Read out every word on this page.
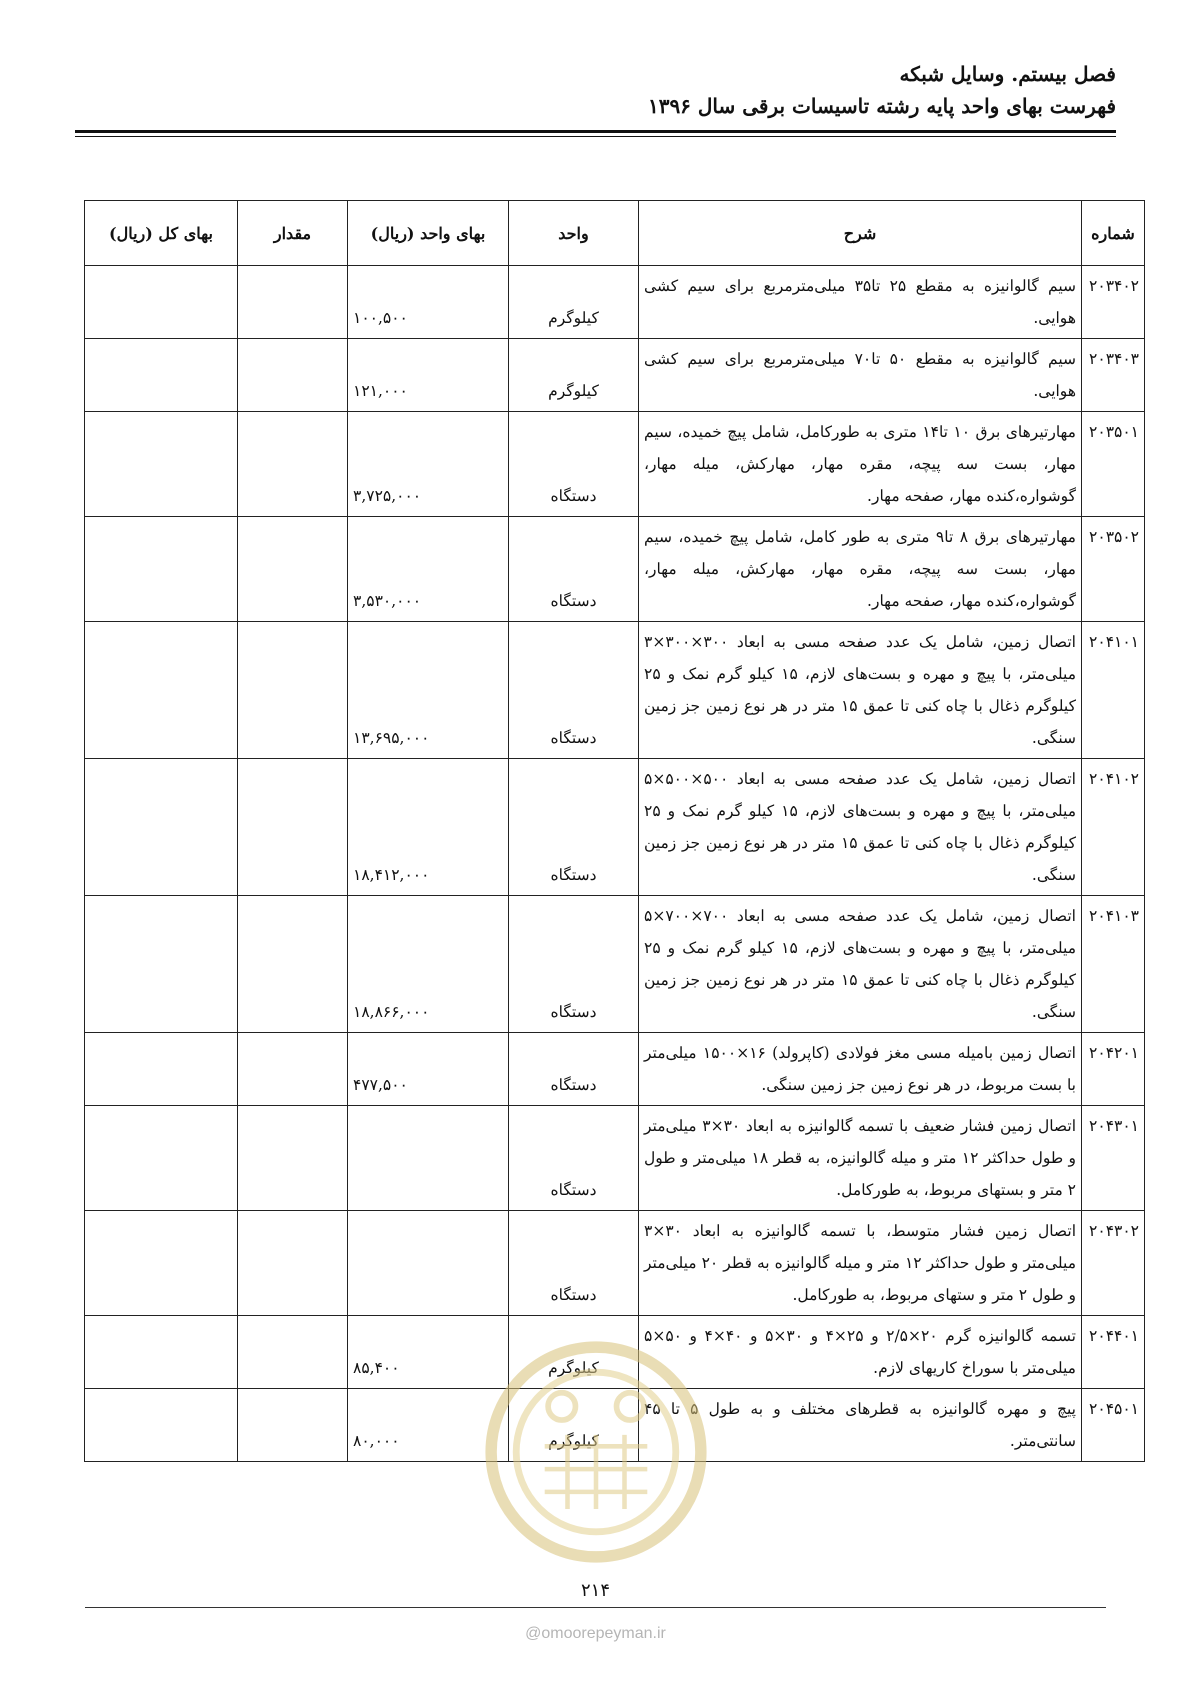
فصل بیستم. وسایل شبکه
فهرست بهای واحد پایه رشته تاسیسات برقی سال ۱۳۹۶
شماره	شرح	واحد	بهای واحد (ریال)	مقدار	بهای کل (ریال)
۲۰۳۴۰۲	سیم گالوانیزه به مقطع ۲۵ تا۳۵ میلی‌مترمربع برای سیم کشی هوایی.	کیلوگرم	۱۰۰,۵۰۰		
۲۰۳۴۰۳	سیم گالوانیزه به مقطع ۵۰ تا۷۰ میلی‌مترمربع برای سیم کشی هوایی.	کیلوگرم	۱۲۱,۰۰۰		
۲۰۳۵۰۱	مهارتیرهای برق ۱۰ تا۱۴ متری به طورکامل، شامل پیچ خمیده، سیم مهار، بست سه پیچه، مقره مهار، مهارکش، میله مهار، گوشواره،کنده مهار، صفحه مهار.	دستگاه	۳,۷۲۵,۰۰۰		
۲۰۳۵۰۲	مهارتیرهای برق ۸ تا۹ متری به طور کامل، شامل پیچ خمیده، سیم مهار، بست سه پیچه، مقره مهار، مهارکش، میله مهار، گوشواره،کنده مهار، صفحه مهار.	دستگاه	۳,۵۳۰,۰۰۰		
۲۰۴۱۰۱	اتصال زمین، شامل یک عدد صفحه مسی به ابعاد ۳۰۰×۳۰۰×۳ میلی‌متر، با پیچ و مهره و بست‌های لازم، ۱۵ کیلو گرم نمک و ۲۵ کیلوگرم ذغال با چاه کنی تا عمق ۱۵ متر در هر نوع زمین جز زمین سنگی.	دستگاه	۱۳,۶۹۵,۰۰۰		
۲۰۴۱۰۲	اتصال زمین، شامل یک عدد صفحه مسی به ابعاد ۵۰۰×۵۰۰×۵ میلی‌متر، با پیچ و مهره و بست‌های لازم، ۱۵ کیلو گرم نمک و ۲۵ کیلوگرم ذغال با چاه کنی تا عمق ۱۵ متر در هر نوع زمین جز زمین سنگی.	دستگاه	۱۸,۴۱۲,۰۰۰		
۲۰۴۱۰۳	اتصال زمین، شامل یک عدد صفحه مسی به ابعاد ۷۰۰×۷۰۰×۵ میلی‌متر، با پیچ و مهره و بست‌های لازم، ۱۵ کیلو گرم نمک و ۲۵ کیلوگرم ذغال با چاه کنی تا عمق ۱۵ متر در هر نوع زمین جز زمین سنگی.	دستگاه	۱۸,۸۶۶,۰۰۰		
۲۰۴۲۰۱	اتصال زمین بامیله مسی مغز فولادی (کاپرولد) ۱۶×۱۵۰۰ میلی‌متر با بست مربوط، در هر نوع زمین جز زمین سنگی.	دستگاه	۴۷۷,۵۰۰		
۲۰۴۳۰۱	اتصال زمین فشار ضعیف با تسمه گالوانیزه به ابعاد ۳۰×۳ میلی‌متر و طول حداکثر ۱۲ متر و میله گالوانیزه، به قطر ۱۸ میلی‌متر و طول ۲ متر و بستهای مربوط، به طورکامل.	دستگاه			
۲۰۴۳۰۲	اتصال زمین فشار متوسط، با تسمه گالوانیزه به ابعاد ۳۰×۳ میلی‌متر و طول حداکثر ۱۲ متر و میله گالوانیزه به قطر ۲۰ میلی‌متر و طول ۲ متر و ستهای مربوط، به طورکامل.	دستگاه			
۲۰۴۴۰۱	تسمه گالوانیزه گرم ۲۰×۲/۵ و ۲۵×۴ و ۳۰×۵ و ۴۰×۴ و ۵۰×۵ میلی‌متر با سوراخ کاریهای لازم.	کیلوگرم	۸۵,۴۰۰		
۲۰۴۵۰۱	پیچ و مهره گالوانیزه به قطرهای مختلف و به طول ۵ تا ۴۵ سانتی‌متر.	کیلوگرم	۸۰,۰۰۰		
۲۱۴
@omoorepeyman.ir
